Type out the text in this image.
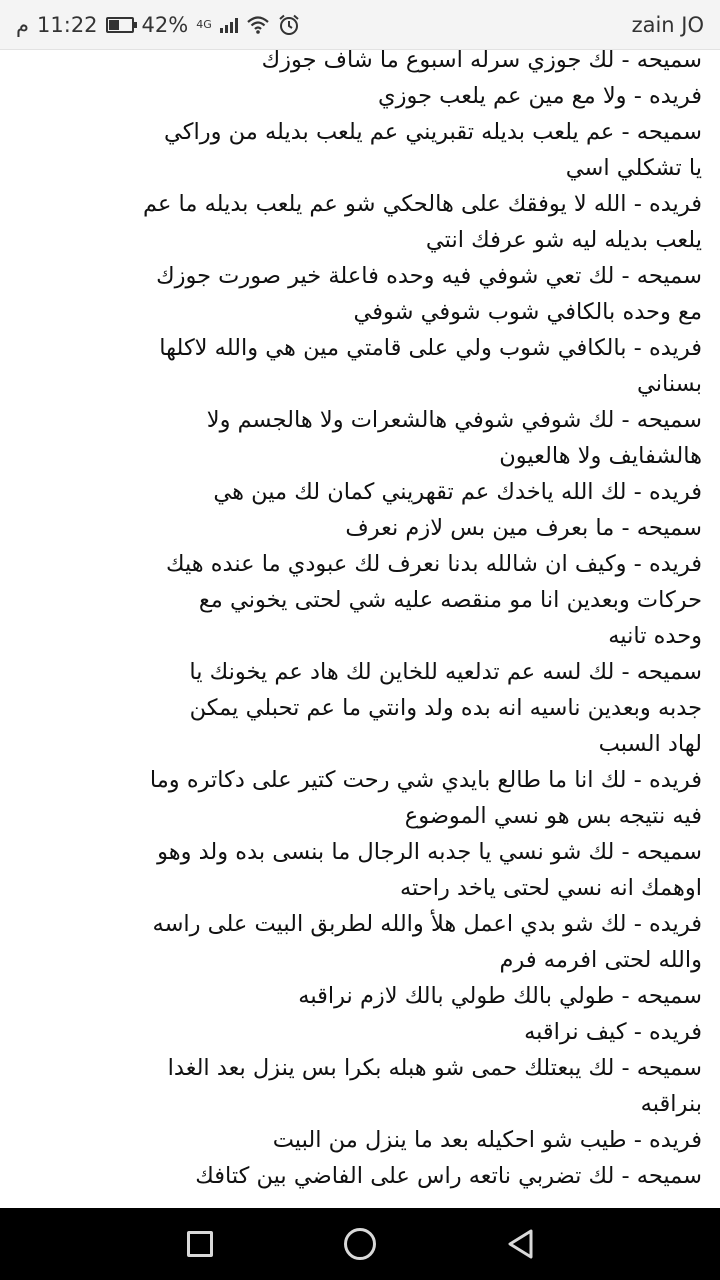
م 11:22 42% 4G	zain JO
سميحه - لك جوزي سرله اسبوع ما شاف جوزك
فريده - ولا مع مين عم يلعب جوزي
سميحه - عم يلعب بديله تقبريني عم يلعب بديله من وراكي
يا تشكلي اسي
فريده - الله لا يوفقك على هالحكي شو عم يلعب بديله ما عم
يلعب بديله ليه شو عرفك انتي
سميحه - لك تعي شوفي فيه وحده فاعلة خير صورت جوزك
مع وحده بالكافي شوب شوفي شوفي
فريده - بالكافي شوب ولي على قامتي مين هي والله لاكلها
بسناني
سميحه - لك شوفي شوفي هالشعرات ولا هالجسم ولا
هالشفايف ولا هالعيون
فريده - لك الله ياخدك عم تقهريني كمان لك مين هي
سميحه - ما بعرف مين بس لازم نعرف
فريده - وكيف ان شالله بدنا نعرف لك عبودي ما عنده هيك
حركات وبعدين انا مو منقصه عليه شي لحتى يخوني مع
وحده تانيه
سميحه - لك لسه عم تدلعيه للخاين لك هاد عم يخونك يا
جدبه وبعدين ناسيه انه بده ولد وانتي ما عم تحبلي يمكن
لهاد السبب
فريده - لك انا ما طالع بايدي شي رحت كتير على دكاتره وما
فيه نتيجه بس هو نسي الموضوع
سميحه - لك شو نسي يا جدبه الرجال ما بنسى بده ولد وهو
اوهمك انه نسي لحتى ياخد راحته
فريده - لك شو بدي اعمل هلأ والله لطربق البيت على راسه
والله لحتى افرمه فرم
سميحه - طولي بالك طولي بالك لازم نراقبه
فريده - كيف نراقبه
سميحه - لك يبعتلك حمى شو هبله بكرا بس ينزل بعد الغدا
بنراقبه
فريده - طيب شو احكيله بعد ما ينزل من البيت
سميحه - لك تضربي ناتعه راس على الفاضي بين كتافك
